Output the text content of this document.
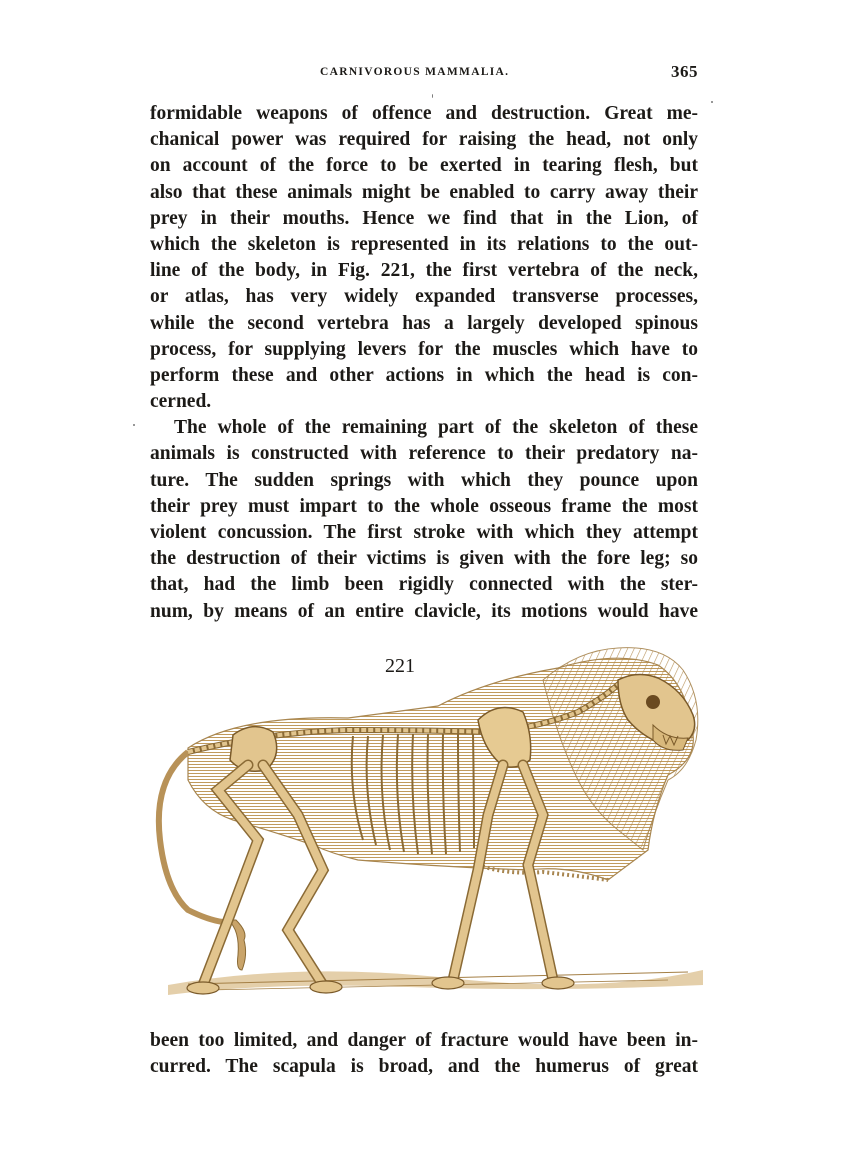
CARNIVOROUS MAMMALIA.	365
formidable weapons of offence and destruction. Great me-
chanical power was required for raising the head, not only
on account of the force to be exerted in tearing flesh, but
also that these animals might be enabled to carry away their
prey in their mouths. Hence we find that in the Lion, of
which the skeleton is represented in its relations to the out-
line of the body, in Fig. 221, the first vertebra of the neck,
or atlas, has very widely expanded transverse processes,
while the second vertebra has a largely developed spinous
process, for supplying levers for the muscles which have to
perform these and other actions in which the head is con-
cerned.
The whole of the remaining part of the skeleton of these
animals is constructed with reference to their predatory na-
ture. The sudden springs with which they pounce upon
their prey must impart to the whole osseous frame the most
violent concussion. The first stroke with which they attempt
the destruction of their victims is given with the fore leg; so
that, had the limb been rigidly connected with the ster-
num, by means of an entire clavicle, its motions would have
221
been too limited, and danger of fracture would have been in-
curred. The scapula is broad, and the humerus of great
